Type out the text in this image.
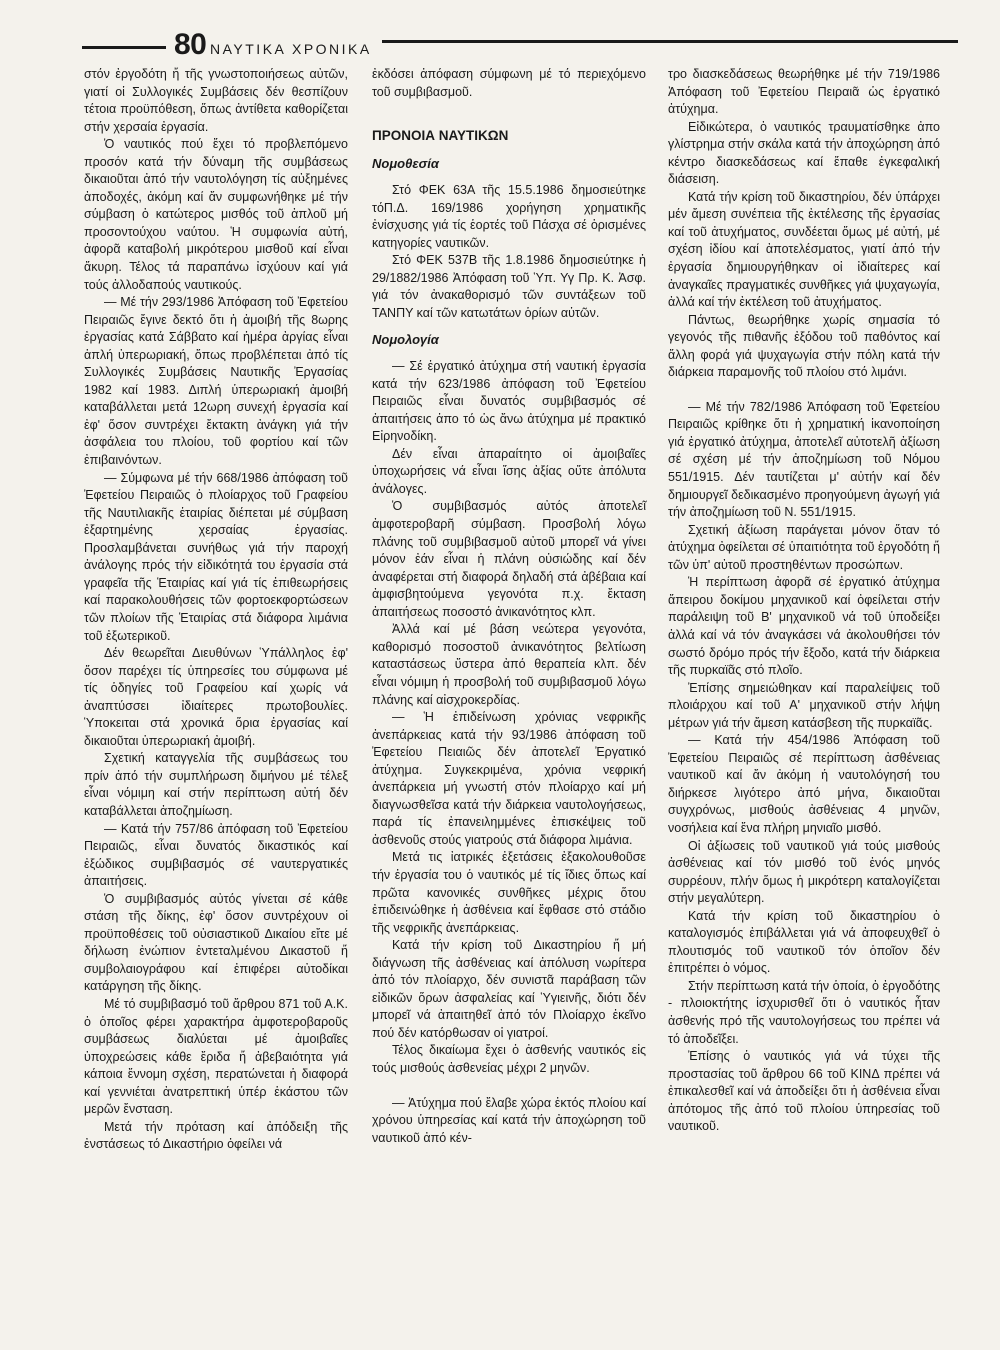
80 ΝΑΥΤΙΚΑ ΧΡΟΝΙΚΑ

στόν ἐργοδότη ἤ τῆς γνωστοποιήσεως αὐτῶν, γιατί οἱ Συλλογικές Συμβάσεις δέν θεσπίζουν τέτοια προϋπόθεση, ὅπως ἀντίθετα καθορίζεται στήν χερσαία ἐργασία.

Ὁ ναυτικός πού ἔχει τό προβλεπόμενο προσόν κατά τήν δύναμη τῆς συμβάσεως δικαιοῦται ἀπό τήν ναυτολόγηση τίς αὐξημένες ἀποδοχές, ἀκόμη καί ἄν συμφωνήθηκε μέ τήν σύμβαση ὁ κατώτερος μισθός τοῦ ἁπλοῦ μή προσοντούχου ναύτου. Ἡ συμφωνία αὐτή, ἀφορᾶ καταβολή μικρότερου μισθοῦ καί εἶναι ἄκυρη. Τέλος τά παραπάνω ἰσχύουν καί γιά τούς ἀλλοδαπούς ναυτικούς.

— Μέ τήν 293/1986 Ἀπόφαση τοῦ Ἐφετείου Πειραιῶς ἔγινε δεκτό ὅτι ἡ ἀμοιβή τῆς 8ωρης ἐργασίας κατά Σάββατο καί ἡμέρα ἀργίας εἶναι ἁπλή ὑπερωριακή, ὅπως προβλέπεται ἀπό τίς Συλλογικές Συμβάσεις Ναυτικῆς Ἐργασίας 1982 καί 1983. Διπλή ὑπερωριακή ἀμοιβή καταβάλλεται μετά 12ωρη συνεχή ἐργασία καί ἐφ' ὅσον συντρέχει ἔκτακτη ἀνάγκη γιά τήν ἀσφάλεια του πλοίου, τοῦ φορτίου καί τῶν ἐπιβαινόντων.

— Σύμφωνα μέ τήν 668/1986 ἀπόφαση τοῦ Ἐφετείου Πειραιῶς ὁ πλοίαρχος τοῦ Γραφείου τῆς Ναυτιλιακῆς ἑταιρίας διέπεται μέ σύμβαση ἐξαρτημένης χερσαίας ἐργασίας. Προσλαμβάνεται συνήθως γιά τήν παροχή ἀνάλογης πρός τήν εἰδικότητά του ἐργασία στά γραφεῖα τῆς Ἑταιρίας καί γιά τίς ἐπιθεωρήσεις καί παρακολουθήσεις τῶν φορτοεκφορτώσεων τῶν πλοίων τῆς Ἑταιρίας στά διάφορα λιμάνια τοῦ ἐξωτερικοῦ.

Δέν θεωρεῖται Διευθύνων Ὑπάλληλος ἐφ' ὅσον παρέχει τίς ὑπηρεσίες του σύμφωνα μέ τίς ὁδηγίες τοῦ Γραφείου καί χωρίς νά ἀναπτύσσει ἰδιαίτερες πρωτοβουλίες. Ὑποκειται στά χρονικά ὅρια ἐργασίας καί δικαιοῦται ὑπερωριακή ἀμοιβή.

Σχετική καταγγελία τῆς συμβάσεως του πρίν ἀπό τήν συμπλήρωση διμήνου μέ τέλεξ εἶναι νόμιμη καί στήν περίπτωση αὐτή δέν καταβάλλεται ἀποζημίωση.

— Κατά τήν 757/86 ἀπόφαση τοῦ Ἐφετείου Πειραιῶς, εἶναι δυνατός δικαστικός καί ἐξώδικος συμβιβασμός σέ ναυτεργατικές ἀπαιτήσεις.

Ὁ συμβιβασμός αὐτός γίνεται σέ κάθε στάση τῆς δίκης, ἐφ' ὅσον συντρέχουν οἱ προϋποθέσεις τοῦ οὐσιαστικοῦ Δικαίου εἴτε μέ δήλωση ἐνώπιον ἐντεταλμένου Δικαστοῦ ἤ συμβολαιογράφου καί ἐπιφέρει αὐτοδίκαι κατάργηση τῆς δίκης.

Μέ τό συμβιβασμό τοῦ ἄρθρου 871 τοῦ Α.Κ. ὁ ὁποῖος φέρει χαρακτήρα ἀμφοτεροβαροῦς συμβάσεως διαλύεται μέ ἀμοιβαῖες ὑποχρεώσεις κάθε ἔριδα ἤ ἀβεβαιότητα γιά κάποια ἔννομη σχέση, περατώνεται ἡ διαφορά καί γεννιέται ἀνατρεπτική ὑπέρ ἑκάστου τῶν μερῶν ἔνσταση.

Μετά τήν πρόταση καί ἀπόδειξη τῆς ἐνστάσεως τό Δικαστήριο ὀφείλει νά

ἐκδόσει ἀπόφαση σύμφωνη μέ τό περιεχόμενο τοῦ συμβιβασμοῦ.

ΠΡΟΝΟΙΑ ΝΑΥΤΙΚΩΝ
Νομοθεσία

Στό ΦΕΚ 63Α τῆς 15.5.1986 δημοσιεύτηκε τόΠ.Δ. 169/1986 χορήγηση χρηματικῆς ἐνίσχυσης γιά τίς ἑορτές τοῦ Πάσχα σέ ὁρισμένες κατηγορίες ναυτικῶν.

Στό ΦΕΚ 537Β τῆς 1.8.1986 δημοσιεύτηκε ἡ 29/1882/1986 Ἀπόφαση τοῦ Ὑπ. Υγ Πρ. Κ. Ἀσφ. γιά τόν ἀνακαθορισμό τῶν συντάξεων τοῦ ΤΑΝΠΥ καί τῶν κατωτάτων ὁρίων αὐτῶν.

Νομολογία

— Σέ ἐργατικό ἀτύχημα στή ναυτική ἐργασία κατά τήν 623/1986 ἀπόφαση τοῦ Ἐφετείου Πειραιῶς εἶναι δυνατός συμβιβασμός σέ ἀπαιτήσεις ἀπο τό ὡς ἄνω ἀτύχημα μέ πρακτικό Εἰρηνοδίκη.

Δέν εἶναι ἀπαραίτητο οἱ ἀμοιβαῖες ὑποχωρήσεις νά εἶναι ἴσης ἀξίας οὔτε ἀπόλυτα ἀνάλογες.

Ὁ συμβιβασμός αὐτός ἀποτελεῖ ἀμφοτεροβαρῆ σύμβαση. Προσβολή λόγω πλάνης τοῦ συμβιβασμοῦ αὐτοῦ μπορεῖ νά γίνει μόνον ἐάν εἶναι ἡ πλάνη οὐσιώδης καί δέν ἀναφέρεται στή διαφορά δηλαδή στά ἀβέβαια καί ἀμφισβητούμενα γεγονότα π.χ. ἔκταση ἀπαιτήσεως ποσοστό ἀνικανότητος κλπ.

Ἀλλά καί μέ βάση νεώτερα γεγονότα, καθορισμό ποσοστοῦ ἀνικανότητος βελτίωση καταστάσεως ὕστερα ἀπό θεραπεία κλπ. δέν εἶναι νόμιμη ἡ προσβολή τοῦ συμβιβασμοῦ λόγω πλάνης καί αἰσχροκερδίας.

— Ἡ ἐπιδείνωση χρόνιας νεφρικῆς ἀνεπάρκειας κατά τήν 93/1986 ἀπόφαση τοῦ Ἐφετείου Πειαιῶς δέν ἀποτελεῖ Ἐργατικό ἀτύχημα. Συγκεκριμένα, χρόνια νεφρική ἀνεπάρκεια μή γνωστή στόν πλοίαρχο καί μή διαγνωσθεῖσα κατά τήν διάρκεια ναυτολογήσεως, παρά τίς ἐπανειλημμένες ἐπισκέψεις τοῦ ἀσθενοῦς στούς γιατρούς στά διάφορα λιμάνια.

Μετά τις ἰατρικές ἐξετάσεις ἐξακολουθοῦσε τήν ἐργασία του ὁ ναυτικός μέ τίς ἴδιες ὅπως καί πρῶτα κανονικές συνθῆκες μέχρις ὅτου ἐπιδεινώθηκε ἡ ἀσθένεια καί ἔφθασε στό στάδιο τῆς νεφρικῆς ἀνεπάρκειας.

Κατά τήν κρίση τοῦ Δικαστηρίου ἤ μή διάγνωση τῆς ἀσθένειας καί ἀπόλυση νωρίτερα ἀπό τόν πλοίαρχο, δέν συνιστᾶ παράβαση τῶν εἰδικῶν ὅρων ἀσφαλείας καί Ὑγιεινῆς, διότι δέν μπορεῖ νά ἀπαιτηθεῖ ἀπό τόν Πλοίαρχο ἐκεῖνο πού δέν κατόρθωσαν οἱ γιατροί.

Τέλος δικαίωμα ἔχει ὁ ἀσθενής ναυτικός εἰς τούς μισθούς ἀσθενείας μέχρι 2 μηνῶν.

— Ἀτύχημα πού ἔλαβε χώρα ἐκτός πλοίου καί χρόνου ὑπηρεσίας καί κατά τήν ἀποχώρηση τοῦ ναυτικοῦ ἀπό κέν-

τρο διασκεδάσεως θεωρήθηκε μέ τήν 719/1986 Ἀπόφαση τοῦ Ἐφετείου Πειραιᾶ ὡς ἐργατικό ἀτύχημα.

Εἰδικώτερα, ὁ ναυτικός τραυματίσθηκε ἀπο γλίστρημα στήν σκάλα κατά τήν ἀποχώρηση ἀπό κέντρο διασκεδάσεως καί ἔπαθε ἐγκεφαλική διάσειση.

Κατά τήν κρίση τοῦ δικαστηρίου, δέν ὑπάρχει μέν ἄμεση συνέπεια τῆς ἐκτέλεσης τῆς ἐργασίας καί τοῦ ἀτυχήματος, συνδέεται ὅμως μέ αὐτή, μέ σχέση ἰδίου καί ἀποτελέσματος, γιατί ἀπό τήν ἐργασία δημιουργήθηκαν οἱ ἰδιαίτερες καί ἀναγκαῖες πραγματικές συνθῆκες γιά ψυχαγωγία, ἀλλά καί τήν ἐκτέλεση τοῦ ἀτυχήματος.

Πάντως, θεωρήθηκε χωρίς σημασία τό γεγονός τῆς πιθανῆς ἐξόδου τοῦ παθόντος καί ἄλλη φορά γιά ψυχαγωγία στήν πόλη κατά τήν διάρκεια παραμονῆς τοῦ πλοίου στό λιμάνι.

— Μέ τήν 782/1986 Ἀπόφαση τοῦ Ἐφετείου Πειραιῶς κρίθηκε ὅτι ἡ χρηματική ἱκανοποίηση γιά ἐργατικό ἀτύχημα, ἀποτελεῖ αὐτοτελῆ ἀξίωση σέ σχέση μέ τήν ἀποζημίωση τοῦ Νόμου 551/1915. Δέν ταυτίζεται μ' αὐτήν καί δέν δημιουργεῖ δεδικασμένο προηγούμενη ἀγωγή γιά τήν ἀποζημίωση τοῦ Ν. 551/1915.

Σχετική ἀξίωση παράγεται μόνον ὅταν τό ἀτύχημα ὀφείλεται σέ ὑπαιτιότητα τοῦ ἐργοδότη ἤ τῶν ὑπ' αὐτοῦ προστηθέντων προσώπων.

Ἡ περίπτωση ἀφορᾶ σέ ἐργατικό ἀτύχημα ἄπειρου δοκίμου μηχανικοῦ καί ὀφείλεται στήν παράλειψη τοῦ Β' μηχανικοῦ νά τοῦ ὑποδείξει ἀλλά καί νά τόν ἀναγκάσει νά ἀκολουθήσει τόν σωστό δρόμο πρός τήν ἔξοδο, κατά τήν διάρκεια τῆς πυρκαϊᾶς στό πλοῖο.

Ἐπίσης σημειώθηκαν καί παραλείψεις τοῦ πλοιάρχου καί τοῦ Α' μηχανικοῦ στήν λήψη μέτρων γιά τήν ἄμεση κατάσβεση τῆς πυρκαϊᾶς.

— Κατά τήν 454/1986 Ἀπόφαση τοῦ Ἐφετείου Πειραιῶς σέ περίπτωση ἀσθένειας ναυτικοῦ καί ἄν ἀκόμη ἡ ναυτολόγησή του διήρκεσε λιγότερο ἀπό μήνα, δικαιοῦται συγχρόνως, μισθούς ἀσθένειας 4 μηνῶν, νοσήλεια καί ἕνα πλήρη μηνιαῖο μισθό.

Οἱ ἀξίωσεις τοῦ ναυτικοῦ γιά τούς μισθούς ἀσθένειας καί τόν μισθό τοῦ ἑνός μηνός συρρέουν, πλήν ὅμως ἡ μικρότερη καταλογίζεται στήν μεγαλύτερη.

Κατά τήν κρίση τοῦ δικαστηρίου ὁ καταλογισμός ἐπιβάλλεται γιά νά ἀποφευχθεῖ ὁ πλουτισμός τοῦ ναυτικοῦ τόν ὁποῖον δέν ἐπιτρέπει ὁ νόμος.

Στήν περίπτωση κατά τήν ὁποία, ὁ ἐργοδότης - πλοιοκτήτης ἰσχυρισθεῖ ὅτι ὁ ναυτικός ἦταν ἀσθενής πρό τῆς ναυτολογήσεως του πρέπει νά τό ἀποδεῖξει.

Ἐπίσης ὁ ναυτικός γιά νά τύχει τῆς προστασίας τοῦ ἄρθρου 66 τοῦ ΚΙΝΔ πρέπει νά ἐπικαλεσθεῖ καί νά ἀποδείξει ὅτι ἡ ἀσθένεια εἶναι ἀπότομος τῆς ἀπό τοῦ πλοίου ὑπηρεσίας τοῦ ναυτικοῦ.
